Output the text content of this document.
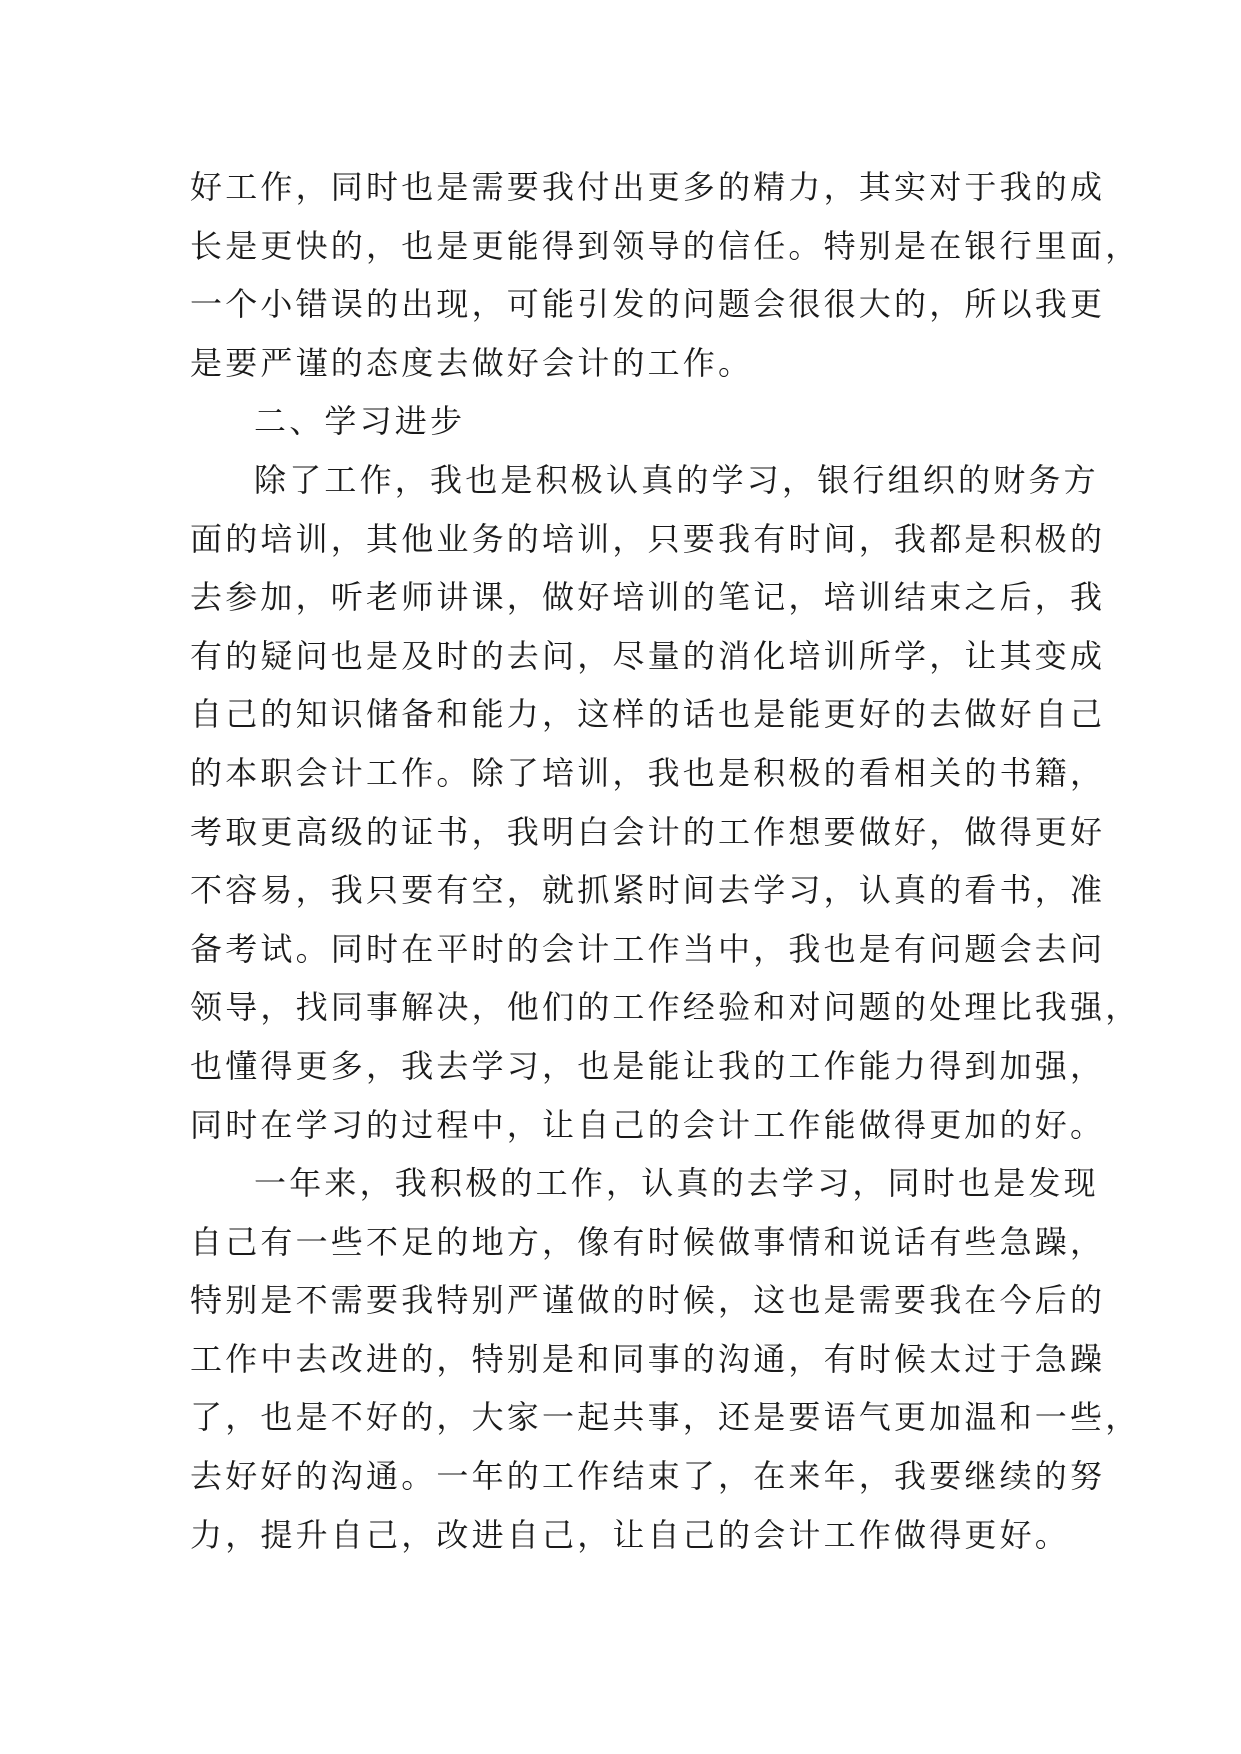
好工作，同时也是需要我付出更多的精力，其实对于我的成
长是更快的，也是更能得到领导的信任。特别是在银行里面，
一个小错误的出现，可能引发的问题会很很大的，所以我更
是要严谨的态度去做好会计的工作。
二、学习进步
除了工作，我也是积极认真的学习，银行组织的财务方
面的培训，其他业务的培训，只要我有时间，我都是积极的
去参加，听老师讲课，做好培训的笔记，培训结束之后，我
有的疑问也是及时的去问，尽量的消化培训所学，让其变成
自己的知识储备和能力，这样的话也是能更好的去做好自己
的本职会计工作。除了培训，我也是积极的看相关的书籍，
考取更高级的证书，我明白会计的工作想要做好，做得更好
不容易，我只要有空，就抓紧时间去学习，认真的看书，准
备考试。同时在平时的会计工作当中，我也是有问题会去问
领导，找同事解决，他们的工作经验和对问题的处理比我强，
也懂得更多，我去学习，也是能让我的工作能力得到加强，
同时在学习的过程中，让自己的会计工作能做得更加的好。
一年来，我积极的工作，认真的去学习，同时也是发现
自己有一些不足的地方，像有时候做事情和说话有些急躁，
特别是不需要我特别严谨做的时候，这也是需要我在今后的
工作中去改进的，特别是和同事的沟通，有时候太过于急躁
了，也是不好的，大家一起共事，还是要语气更加温和一些，
去好好的沟通。一年的工作结束了，在来年，我要继续的努
力，提升自己，改进自己，让自己的会计工作做得更好。
